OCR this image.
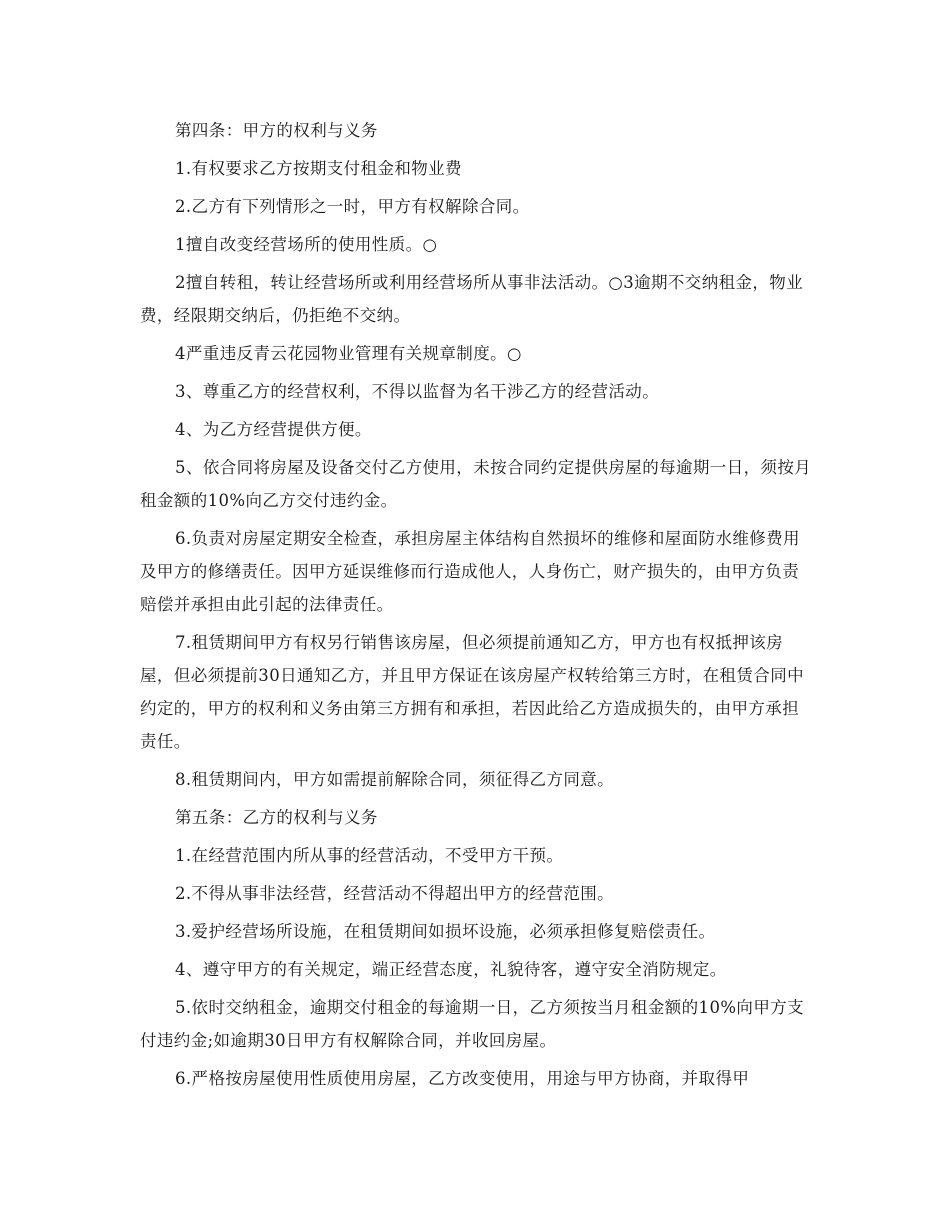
第四条：甲方的权利与义务

1.有权要求乙方按期支付租金和物业费

2.乙方有下列情形之一时，甲方有权解除合同。

1擅自改变经营场所的使用性质。○

2擅自转租，转让经营场所或利用经营场所从事非法活动。○3逾期不交纳租金，物业费，经限期交纳后，仍拒绝不交纳。

4严重违反青云花园物业管理有关规章制度。○

3、尊重乙方的经营权利，不得以监督为名干涉乙方的经营活动。

4、为乙方经营提供方便。

5、依合同将房屋及设备交付乙方使用，未按合同约定提供房屋的每逾期一日，须按月租金额的10%向乙方交付违约金。

6.负责对房屋定期安全检查，承担房屋主体结构自然损坏的维修和屋面防水维修费用及甲方的修缮责任。因甲方延误维修而行造成他人，人身伤亡，财产损失的，由甲方负责赔偿并承担由此引起的法律责任。

7.租赁期间甲方有权另行销售该房屋，但必须提前通知乙方，甲方也有权抵押该房屋，但必须提前30日通知乙方，并且甲方保证在该房屋产权转给第三方时，在租赁合同中约定的，甲方的权利和义务由第三方拥有和承担，若因此给乙方造成损失的，由甲方承担责任。

8.租赁期间内，甲方如需提前解除合同，须征得乙方同意。

第五条：乙方的权利与义务

1.在经营范围内所从事的经营活动，不受甲方干预。

2.不得从事非法经营，经营活动不得超出甲方的经营范围。

3.爱护经营场所设施，在租赁期间如损坏设施，必须承担修复赔偿责任。

4、遵守甲方的有关规定，端正经营态度，礼貌待客，遵守安全消防规定。

5.依时交纳租金，逾期交付租金的每逾期一日，乙方须按当月租金额的10%向甲方支付违约金;如逾期30日甲方有权解除合同，并收回房屋。

6.严格按房屋使用性质使用房屋，乙方改变使用，用途与甲方协商，并取得甲
